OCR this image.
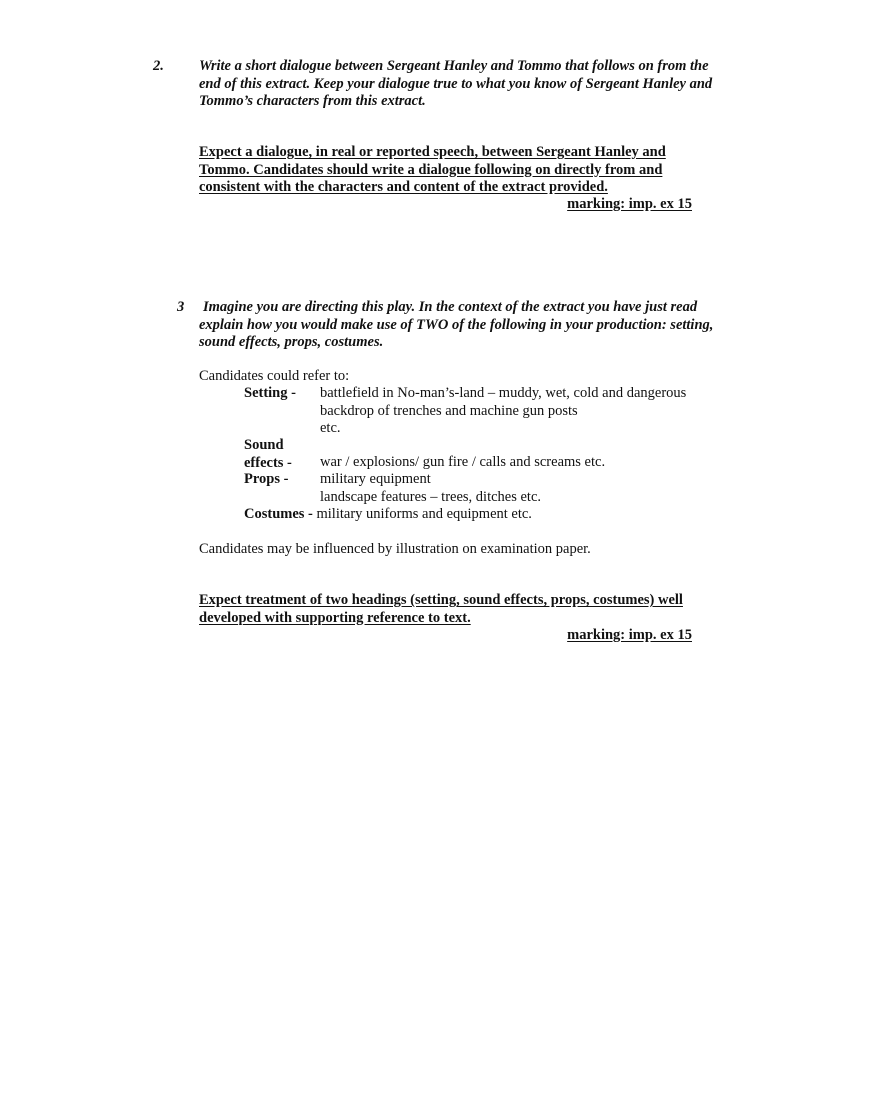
2. Write a short dialogue between Sergeant Hanley and Tommo that follows on from the
end of this extract. Keep your dialogue true to what you know of Sergeant Hanley and
Tommo’s characters from this extract.
Expect a dialogue, in real or reported speech, between Sergeant Hanley and
Tommo. Candidates should write a dialogue following on directly from and
consistent with the characters and content of the extract provided.
marking: imp. ex 15
3 Imagine you are directing this play. In the context of the extract you have just read
explain how you would make use of TWO of the following in your production: setting,
sound effects, props, costumes.
Candidates could refer to:
Setting - battlefield in No-man’s-land – muddy, wet, cold and dangerous
backdrop of trenches and machine gun posts
etc.
Sound
effects - war / explosions/ gun fire / calls and screams etc.
Props - military equipment
landscape features – trees, ditches etc.
Costumes - military uniforms and equipment etc.
Candidates may be influenced by illustration on examination paper.
Expect treatment of two headings (setting, sound effects, props, costumes) well
developed with supporting reference to text.
marking: imp. ex 15
